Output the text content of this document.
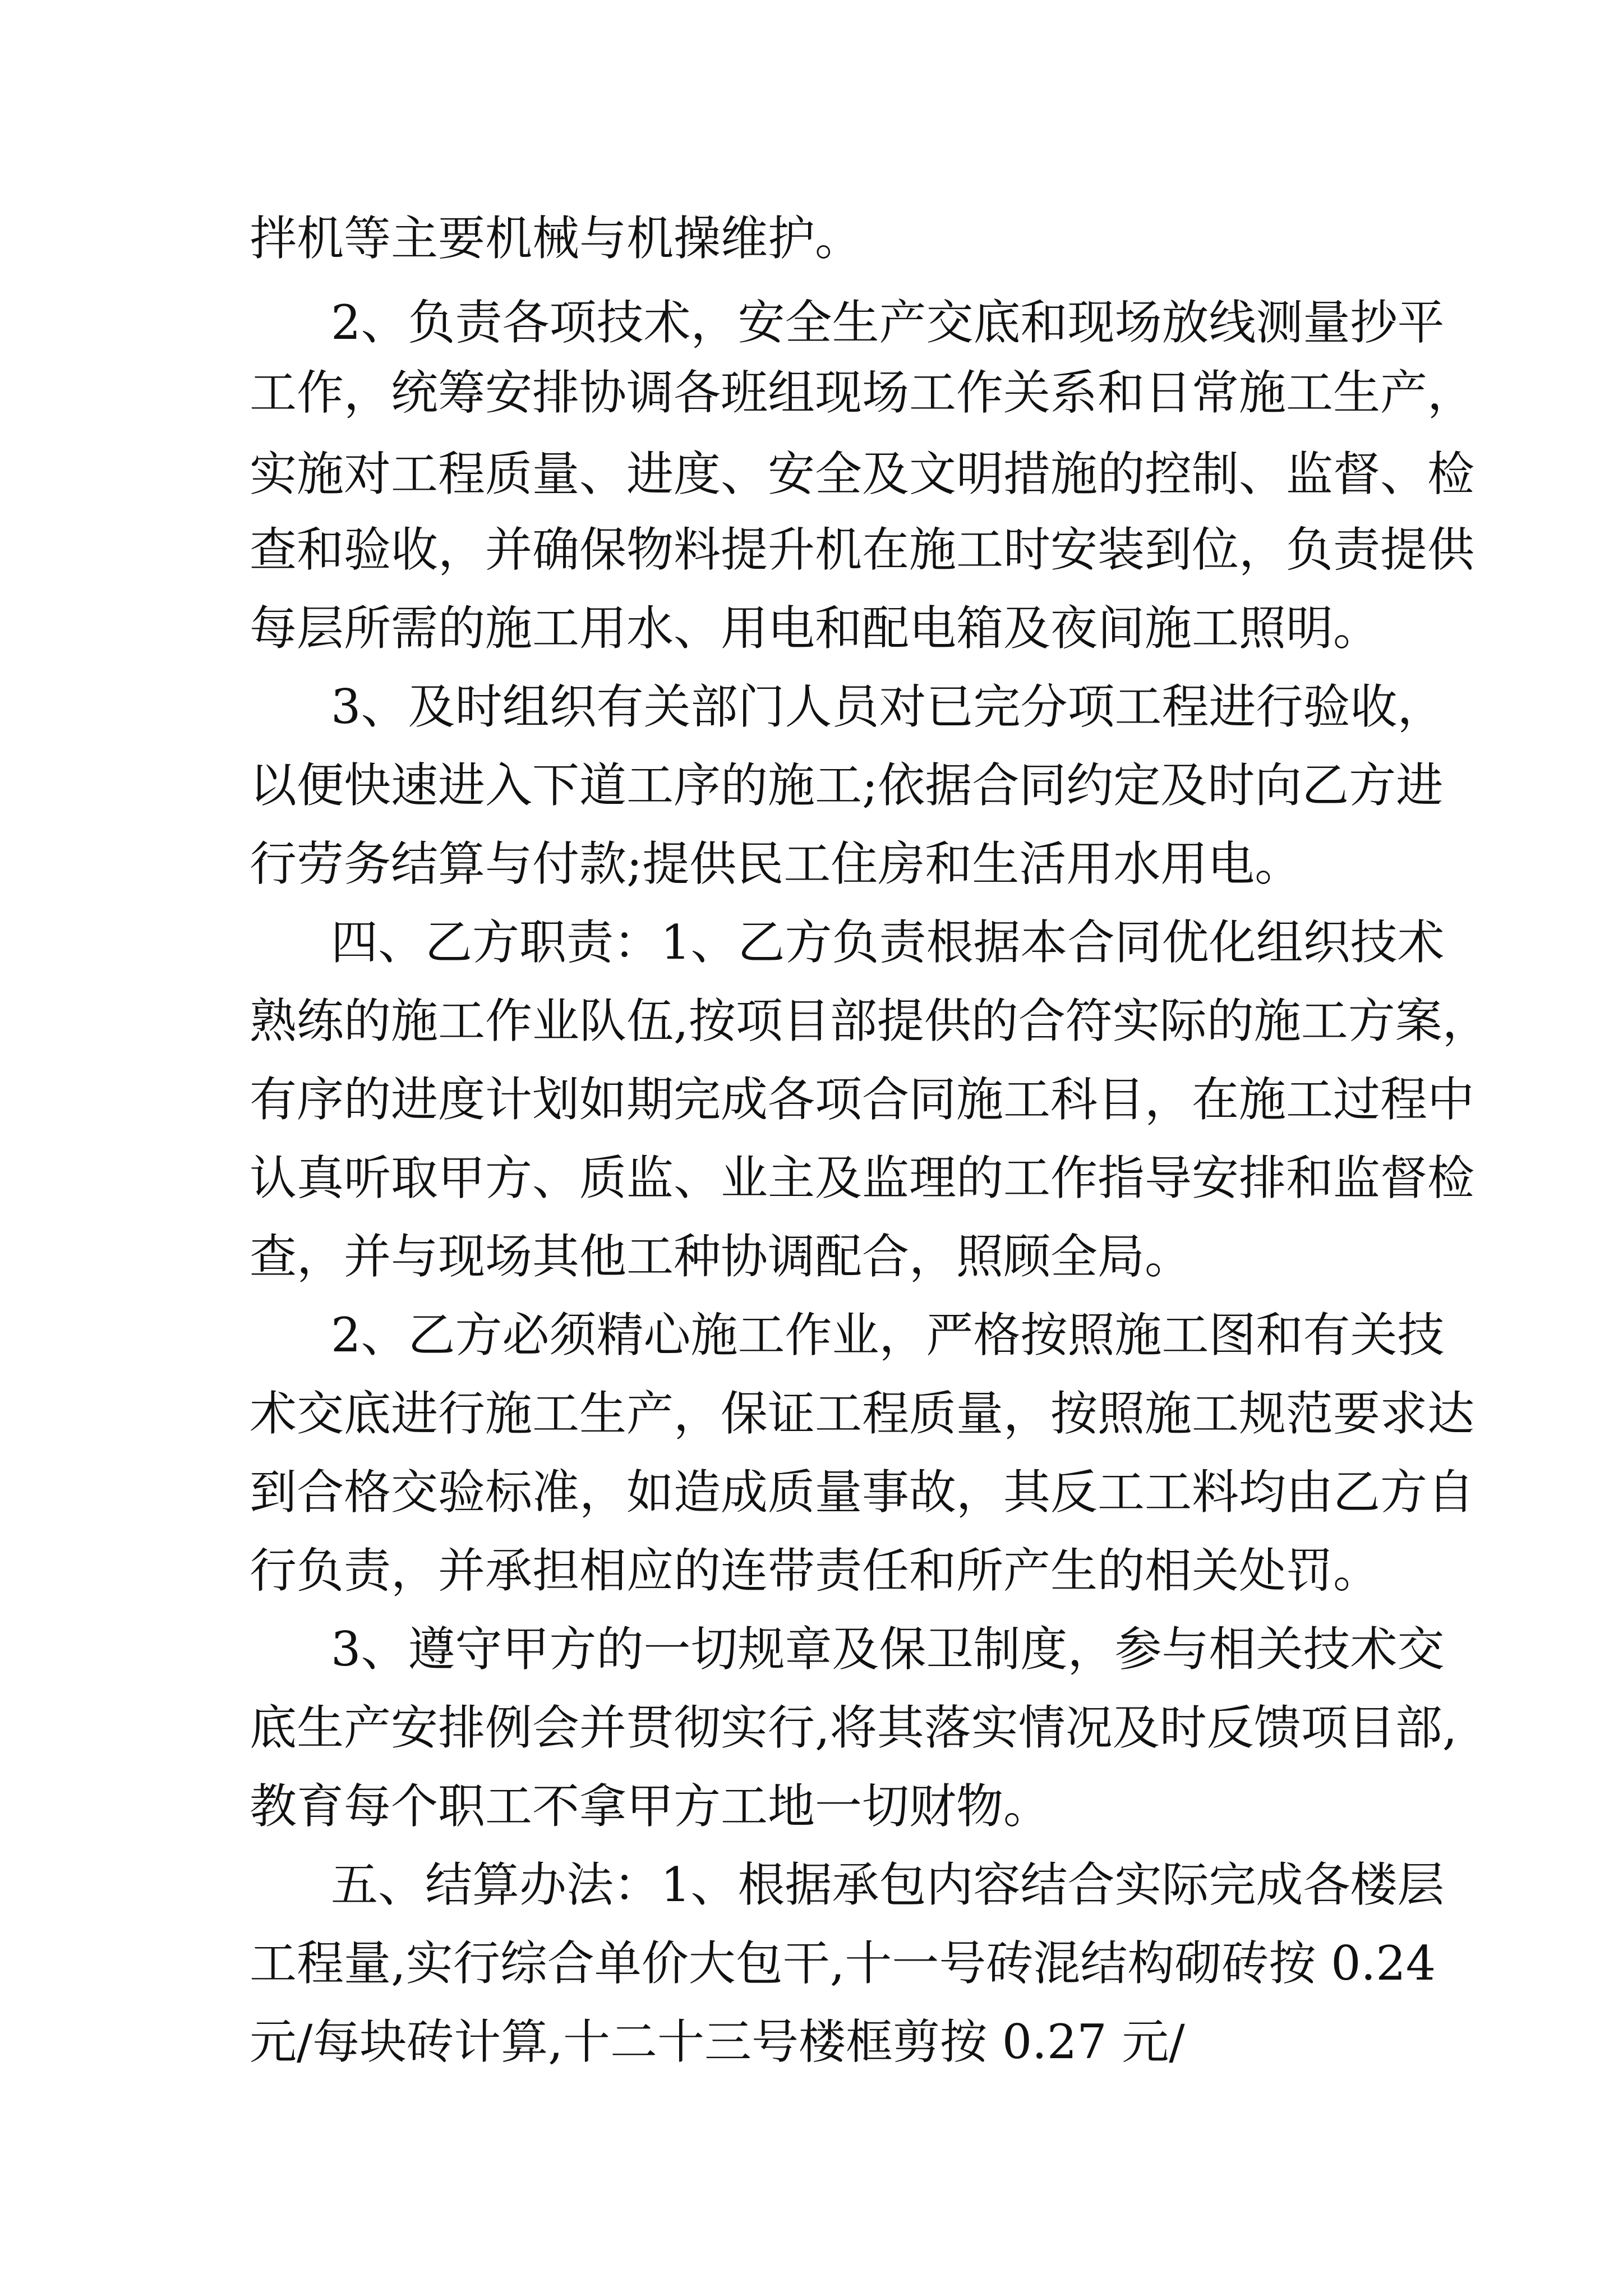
拌机等主要机械与机操维护。
2、负责各项技术，安全生产交底和现场放线测量抄平
工作，统筹安排协调各班组现场工作关系和日常施工生产，
实施对工程质量、进度、安全及文明措施的控制、监督、检
查和验收，并确保物料提升机在施工时安装到位，负责提供
每层所需的施工用水、用电和配电箱及夜间施工照明。
3、及时组织有关部门人员对已完分项工程进行验收，
以便快速进入下道工序的施工;依据合同约定及时向乙方进
行劳务结算与付款;提供民工住房和生活用水用电。
四、乙方职责：1、乙方负责根据本合同优化组织技术
熟练的施工作业队伍,按项目部提供的合符实际的施工方案，
有序的进度计划如期完成各项合同施工科目，在施工过程中
认真听取甲方、质监、业主及监理的工作指导安排和监督检
查，并与现场其他工种协调配合，照顾全局。
2、乙方必须精心施工作业，严格按照施工图和有关技
术交底进行施工生产，保证工程质量，按照施工规范要求达
到合格交验标准，如造成质量事故，其反工工料均由乙方自
行负责，并承担相应的连带责任和所产生的相关处罚。
3、遵守甲方的一切规章及保卫制度，参与相关技术交
底生产安排例会并贯彻实行,将其落实情况及时反馈项目部,
教育每个职工不拿甲方工地一切财物。
五、结算办法：1、根据承包内容结合实际完成各楼层
工程量,实行综合单价大包干,十一号砖混结构砌砖按 0.24
元/每块砖计算,十二十三号楼框剪按 0.27 元/
